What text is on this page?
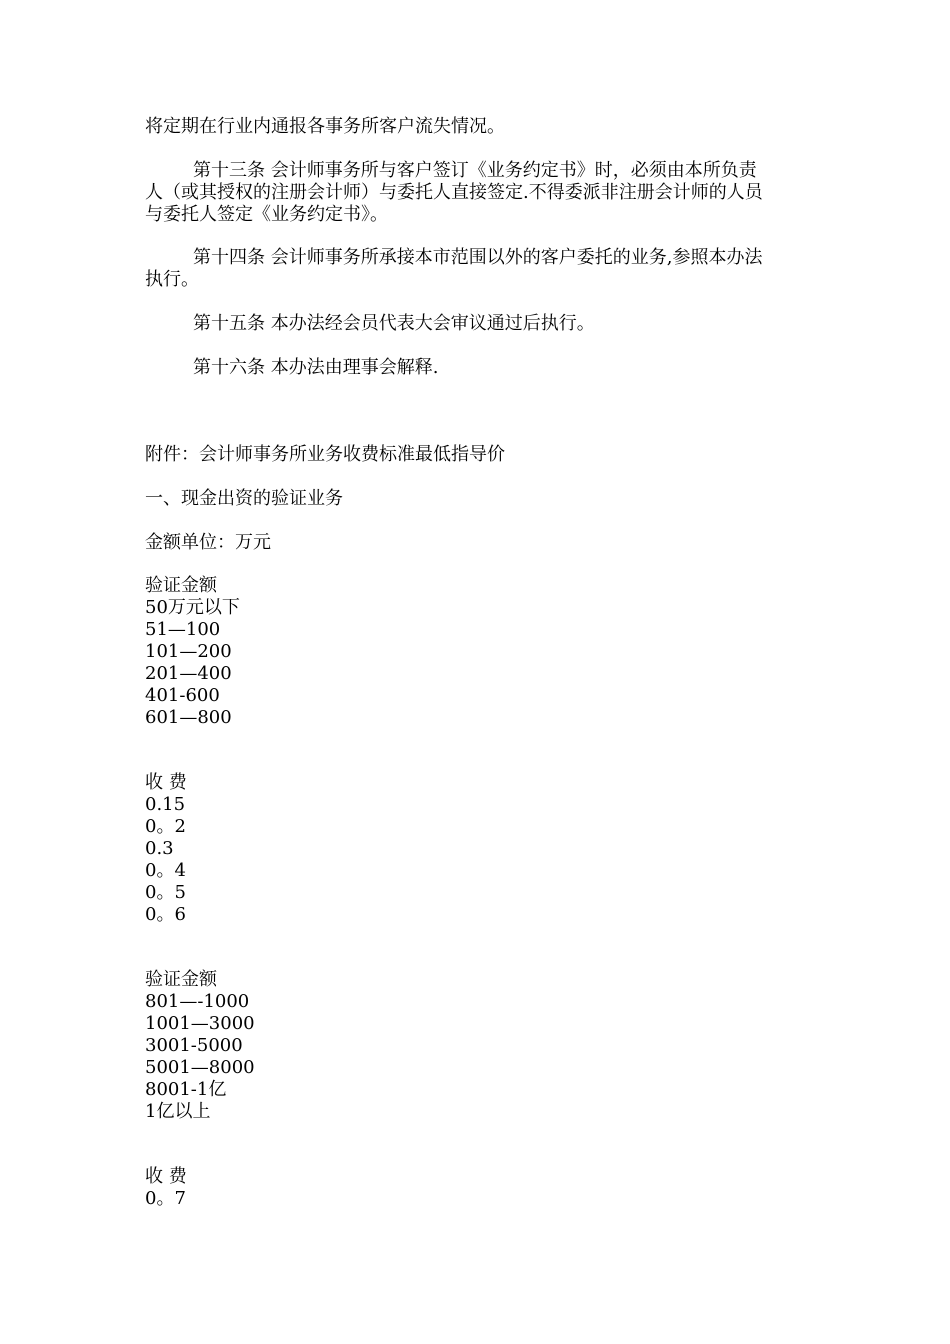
将定期在行业内通报各事务所客户流失情况。

第十三条 会计师事务所与客户签订《业务约定书》时，必须由本所负责
人（或其授权的注册会计师）与委托人直接签定.不得委派非注册会计师的人员
与委托人签定《业务约定书》。
第十四条 会计师事务所承接本市范围以外的客户委托的业务,参照本办法
执行。

第十五条 本办法经会员代表大会审议通过后执行。

第十六条 本办法由理事会解释.

附件：会计师事务所业务收费标准最低指导价

一、现金出资的验证业务

金额单位：万元

验证金额
50万元以下
51—100
101—200
201—400
401-600
601—800
收 费
0.15
0。2
0.3
0。4
0。5
0。6
验证金额
801—-1000
1001—3000
3001-5000
5001—8000
8001-1亿
1亿以上
收 费
0。7
